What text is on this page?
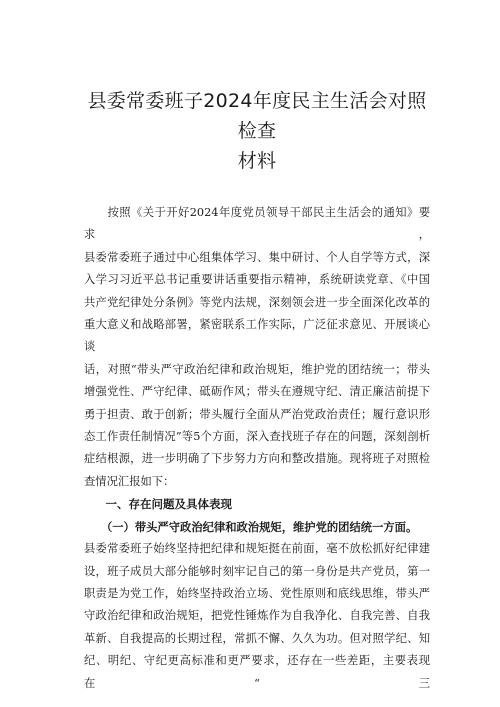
县委常委班子2024年度民主生活会对照检查
材料

　　按照《关于开好2024年度党员领导干部民主生活会的通知》要求，
县委常委班子通过中心组集体学习、集中研讨、个人自学等方式，深
入学习习近平总书记重要讲话重要指示精神，系统研读党章、《中国
共产党纪律处分条例》等党内法规，深刻领会进一步全面深化改革的
重大意义和战略部署，紧密联系工作实际，广泛征求意见、开展谈心谈
话，对照“带头严守政治纪律和政治规矩，维护党的团结统一；带头
增强党性、严守纪律、砥砺作风；带头在遵规守纪、清正廉洁前提下
勇于担责、敢于创新；带头履行全面从严治党政治责任；履行意识形
态工作责任制情况”等5个方面，深入查找班子存在的问题，深刻剖析
症结根源，进一步明确了下步努力方向和整改措施。现将班子对照检
查情况汇报如下：

　一、存在问题及具体表现

　　（一）带头严守政治纪律和政治规矩，维护党的团结统一方面。

县委常委班子始终坚持把纪律和规矩挺在前面，毫不放松抓好纪律建
设，班子成员大部分能够时刻牢记自己的第一身份是共产党员，第一
职责是为党工作，始终坚持政治立场、党性原则和底线思维，带头严
守政治纪律和政治规矩，把党性锤炼作为自我净化、自我完善、自我
革新、自我提高的长期过程，常抓不懈、久久为功。但对照学纪、知
纪、明纪、守纪更高标准和更严要求，还存在一些差距，主要表现在“三
